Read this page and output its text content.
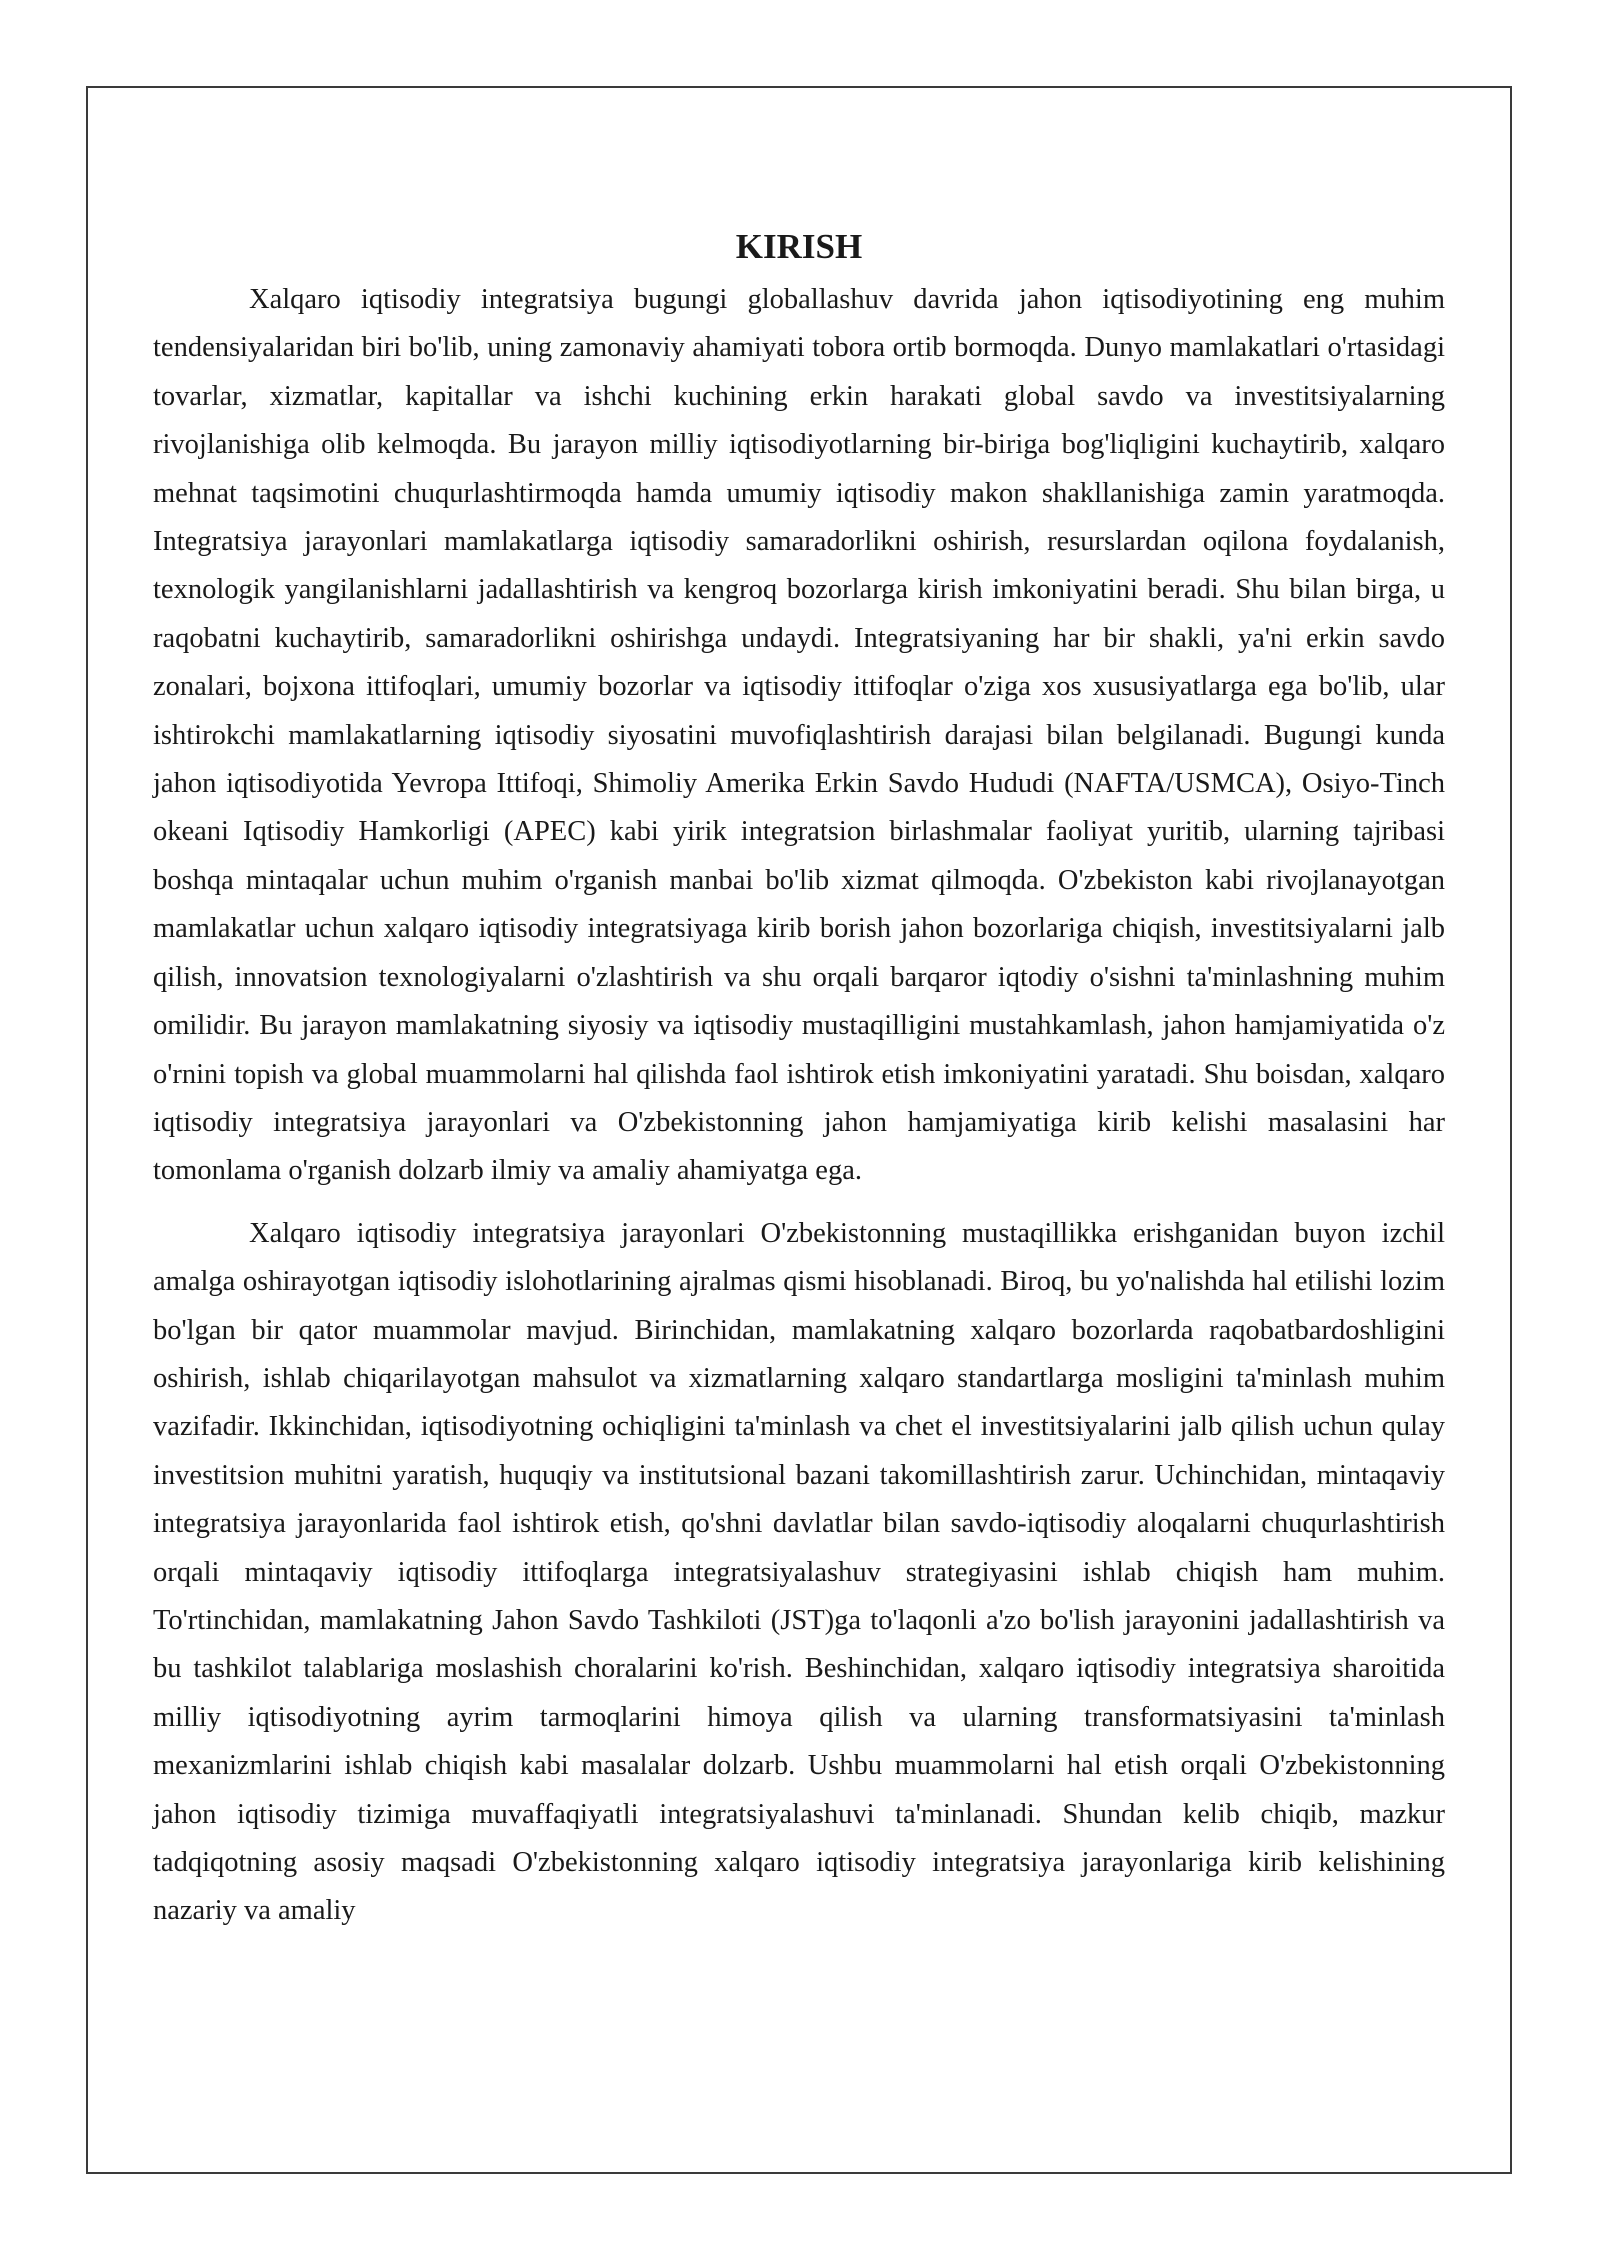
KIRISH

Xalqaro iqtisodiy integratsiya bugungi globallashuv davrida jahon iqtisodiyotining eng muhim tendensiyalaridan biri bo'lib, uning zamonaviy ahamiyati tobora ortib bormoqda. Dunyo mamlakatlari o'rtasidagi tovarlar, xizmatlar, kapitallar va ishchi kuchining erkin harakati global savdo va investitsiyalarning rivojlanishiga olib kelmoqda. Bu jarayon milliy iqtisodiyotlarning bir-biriga bog'liqligini kuchaytirib, xalqaro mehnat taqsimotini chuqurlashtirmoqda hamda umumiy iqtisodiy makon shakllanishiga zamin yaratmoqda. Integratsiya jarayonlari mamlakatlarga iqtisodiy samaradorlikni oshirish, resurslardan oqilona foydalanish, texnologik yangilanishlarni jadallashtirish va kengroq bozorlarga kirish imkoniyatini beradi. Shu bilan birga, u raqobatni kuchaytirib, samaradorlikni oshirishga undaydi. Integratsiyaning har bir shakli, ya'ni erkin savdo zonalari, bojxona ittifoqlari, umumiy bozorlar va iqtisodiy ittifoqlar o'ziga xos xususiyatlarga ega bo'lib, ular ishtirokchi mamlakatlarning iqtisodiy siyosatini muvofiqlashtirish darajasi bilan belgilanadi. Bugungi kunda jahon iqtisodiyotida Yevropa Ittifoqi, Shimoliy Amerika Erkin Savdo Hududi (NAFTA/USMCA), Osiyo-Tinch okeani Iqtisodiy Hamkorligi (APEC) kabi yirik integratsion birlashmalar faoliyat yuritib, ularning tajribasi boshqa mintaqalar uchun muhim o'rganish manbai bo'lib xizmat qilmoqda. O'zbekiston kabi rivojlanayotgan mamlakatlar uchun xalqaro iqtisodiy integratsiyaga kirib borish jahon bozorlariga chiqish, investitsiyalarni jalb qilish, innovatsion texnologiyalarni o'zlashtirish va shu orqali barqaror iqtodiy o'sishni ta'minlashning muhim omilidir. Bu jarayon mamlakatning siyosiy va iqtisodiy mustaqilligini mustahkamlash, jahon hamjamiyatida o'z o'rnini topish va global muammolarni hal qilishda faol ishtirok etish imkoniyatini yaratadi. Shu boisdan, xalqaro iqtisodiy integratsiya jarayonlari va O'zbekistonning jahon hamjamiyatiga kirib kelishi masalasini har tomonlama o'rganish dolzarb ilmiy va amaliy ahamiyatga ega.

Xalqaro iqtisodiy integratsiya jarayonlari O'zbekistonning mustaqillikka erishganidan buyon izchil amalga oshirayotgan iqtisodiy islohotlarining ajralmas qismi hisoblanadi. Biroq, bu yo'nalishda hal etilishi lozim bo'lgan bir qator muammolar mavjud. Birinchidan, mamlakatning xalqaro bozorlarda raqobatbardoshligini oshirish, ishlab chiqarilayotgan mahsulot va xizmatlarning xalqaro standartlarga mosligini ta'minlash muhim vazifadir. Ikkinchidan, iqtisodiyotning ochiqligini ta'minlash va chet el investitsiyalarini jalb qilish uchun qulay investitsion muhitni yaratish, huquqiy va institutsional bazani takomillashtirish zarur. Uchinchidan, mintaqaviy integratsiya jarayonlarida faol ishtirok etish, qo'shni davlatlar bilan savdo-iqtisodiy aloqalarni chuqurlashtirish orqali mintaqaviy iqtisodiy ittifoqlarga integratsiyalashuv strategiyasini ishlab chiqish ham muhim. To'rtinchidan, mamlakatning Jahon Savdo Tashkiloti (JST)ga to'laqonli a'zo bo'lish jarayonini jadallashtirish va bu tashkilot talablariga moslashish choralarini ko'rish. Beshinchidan, xalqaro iqtisodiy integratsiya sharoitida milliy iqtisodiyotning ayrim tarmoqlarini himoya qilish va ularning transformatsiyasini ta'minlash mexanizmlarini ishlab chiqish kabi masalalar dolzarb. Ushbu muammolarni hal etish orqali O'zbekistonning jahon iqtisodiy tizimiga muvaffaqiyatli integratsiyalashuvi ta'minlanadi. Shundan kelib chiqib, mazkur tadqiqotning asosiy maqsadi O'zbekistonning xalqaro iqtisodiy integratsiya jarayonlariga kirib kelishining nazariy va amaliy
